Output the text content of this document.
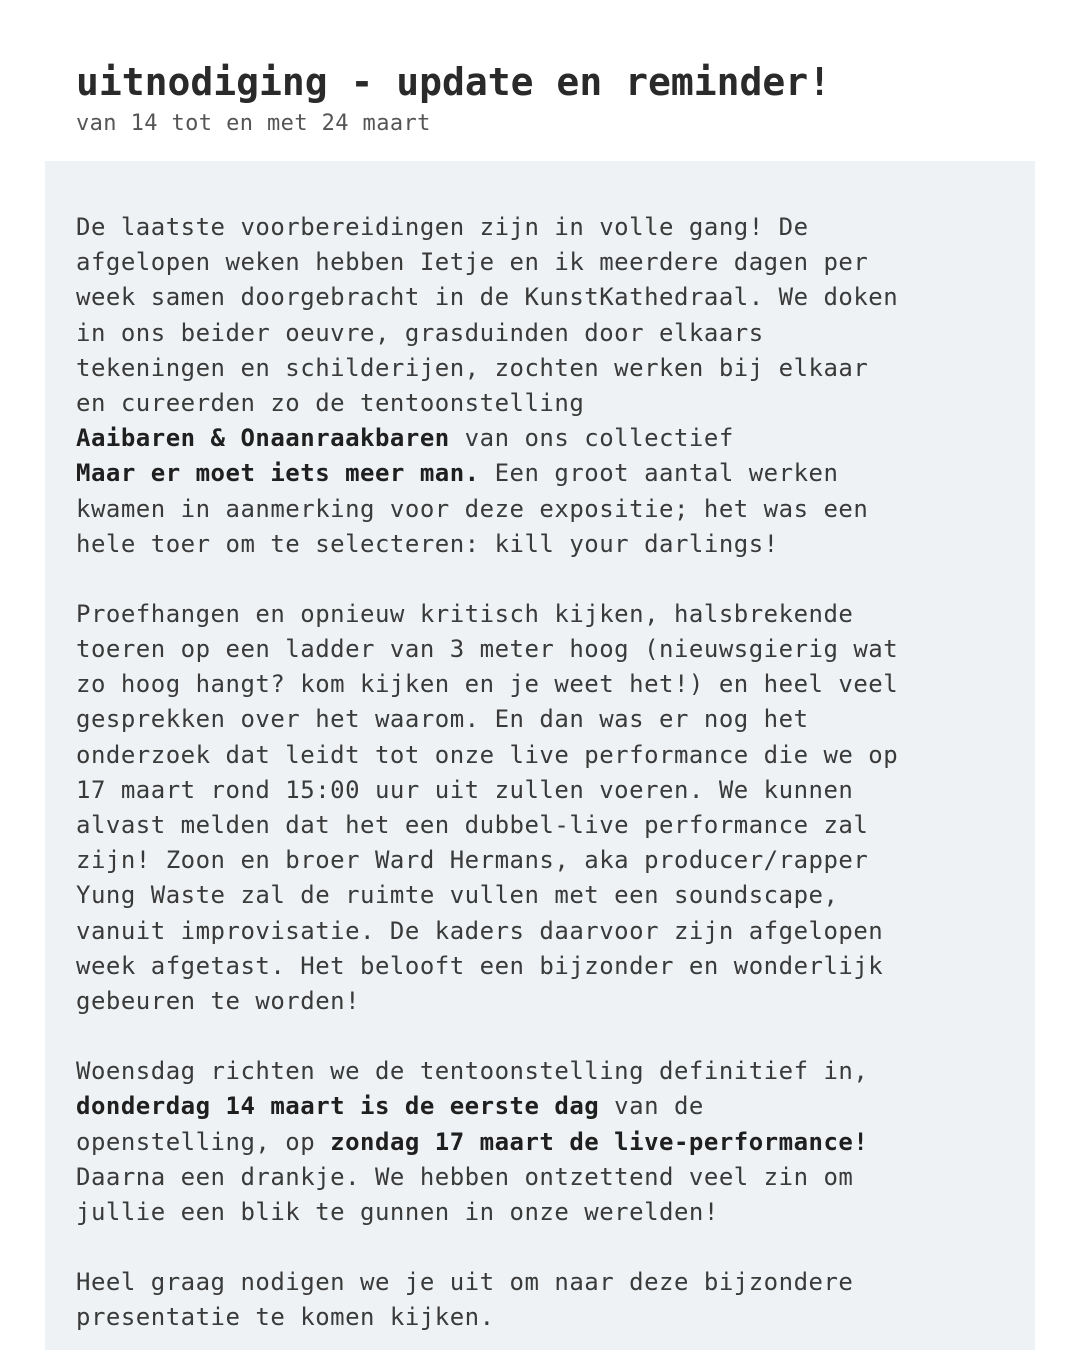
uitnodiging - update en reminder!
van 14 tot en met 24 maart
De laatste voorbereidingen zijn in volle gang! De
afgelopen weken hebben Ietje en ik meerdere dagen per
week samen doorgebracht in de KunstKathedraal. We doken
in ons beider oeuvre, grasduinden door elkaars
tekeningen en schilderijen, zochten werken bij elkaar
en cureerden zo de tentoonstelling
Aaibaren & Onaanraakbaren van ons collectief
Maar er moet iets meer man. Een groot aantal werken
kwamen in aanmerking voor deze expositie; het was een
hele toer om te selecteren: kill your darlings!
Proefhangen en opnieuw kritisch kijken, halsbrekende
toeren op een ladder van 3 meter hoog (nieuwsgierig wat
zo hoog hangt? kom kijken en je weet het!) en heel veel
gesprekken over het waarom. En dan was er nog het
onderzoek dat leidt tot onze live performance die we op
17 maart rond 15:00 uur uit zullen voeren. We kunnen
alvast melden dat het een dubbel-live performance zal
zijn! Zoon en broer Ward Hermans, aka producer/rapper
Yung Waste zal de ruimte vullen met een soundscape,
vanuit improvisatie. De kaders daarvoor zijn afgelopen
week afgetast. Het belooft een bijzonder en wonderlijk
gebeuren te worden!
Woensdag richten we de tentoonstelling definitief in,
donderdag 14 maart is de eerste dag van de
openstelling, op zondag 17 maart de live-performance!
Daarna een drankje. We hebben ontzettend veel zin om
jullie een blik te gunnen in onze werelden!
Heel graag nodigen we je uit om naar deze bijzondere
presentatie te komen kijken.
